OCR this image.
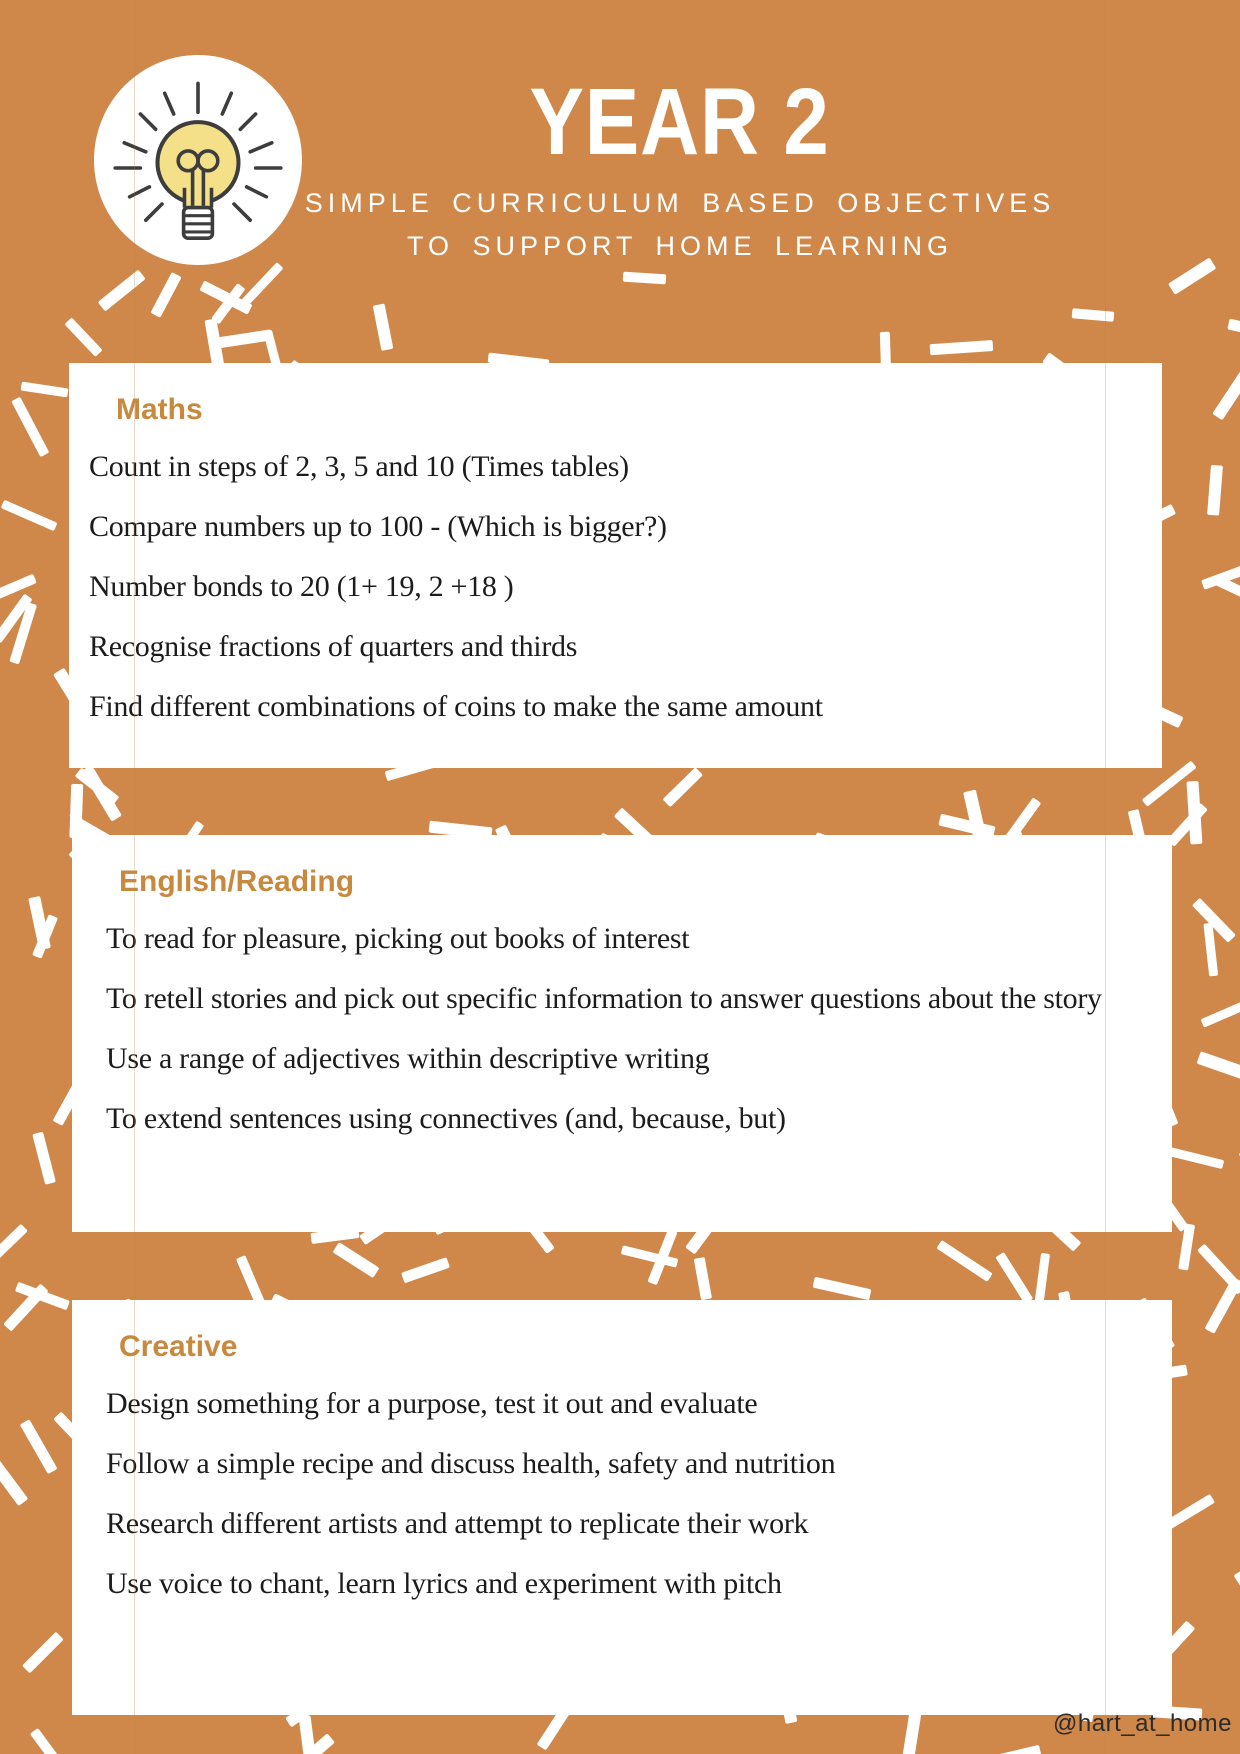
YEAR 2
SIMPLE CURRICULUM BASED OBJECTIVES
TO SUPPORT HOME LEARNING
Maths
Count in steps of 2, 3, 5 and 10 (Times tables)
Compare numbers up to 100 - (Which is bigger?)
Number bonds to 20 (1+ 19, 2 +18 )
Recognise fractions of quarters and thirds
Find different combinations of coins to make the same amount
English/Reading
To read for pleasure, picking out books of interest
To retell stories and pick out specific information to answer questions about the story
Use a range of adjectives within descriptive writing
To extend sentences using connectives (and, because, but)
Creative
Design something for a purpose, test it out and evaluate
Follow a simple recipe and discuss health, safety and nutrition
Research different artists and attempt to replicate their work
Use voice to chant, learn lyrics and experiment with pitch
@hart_at_home
